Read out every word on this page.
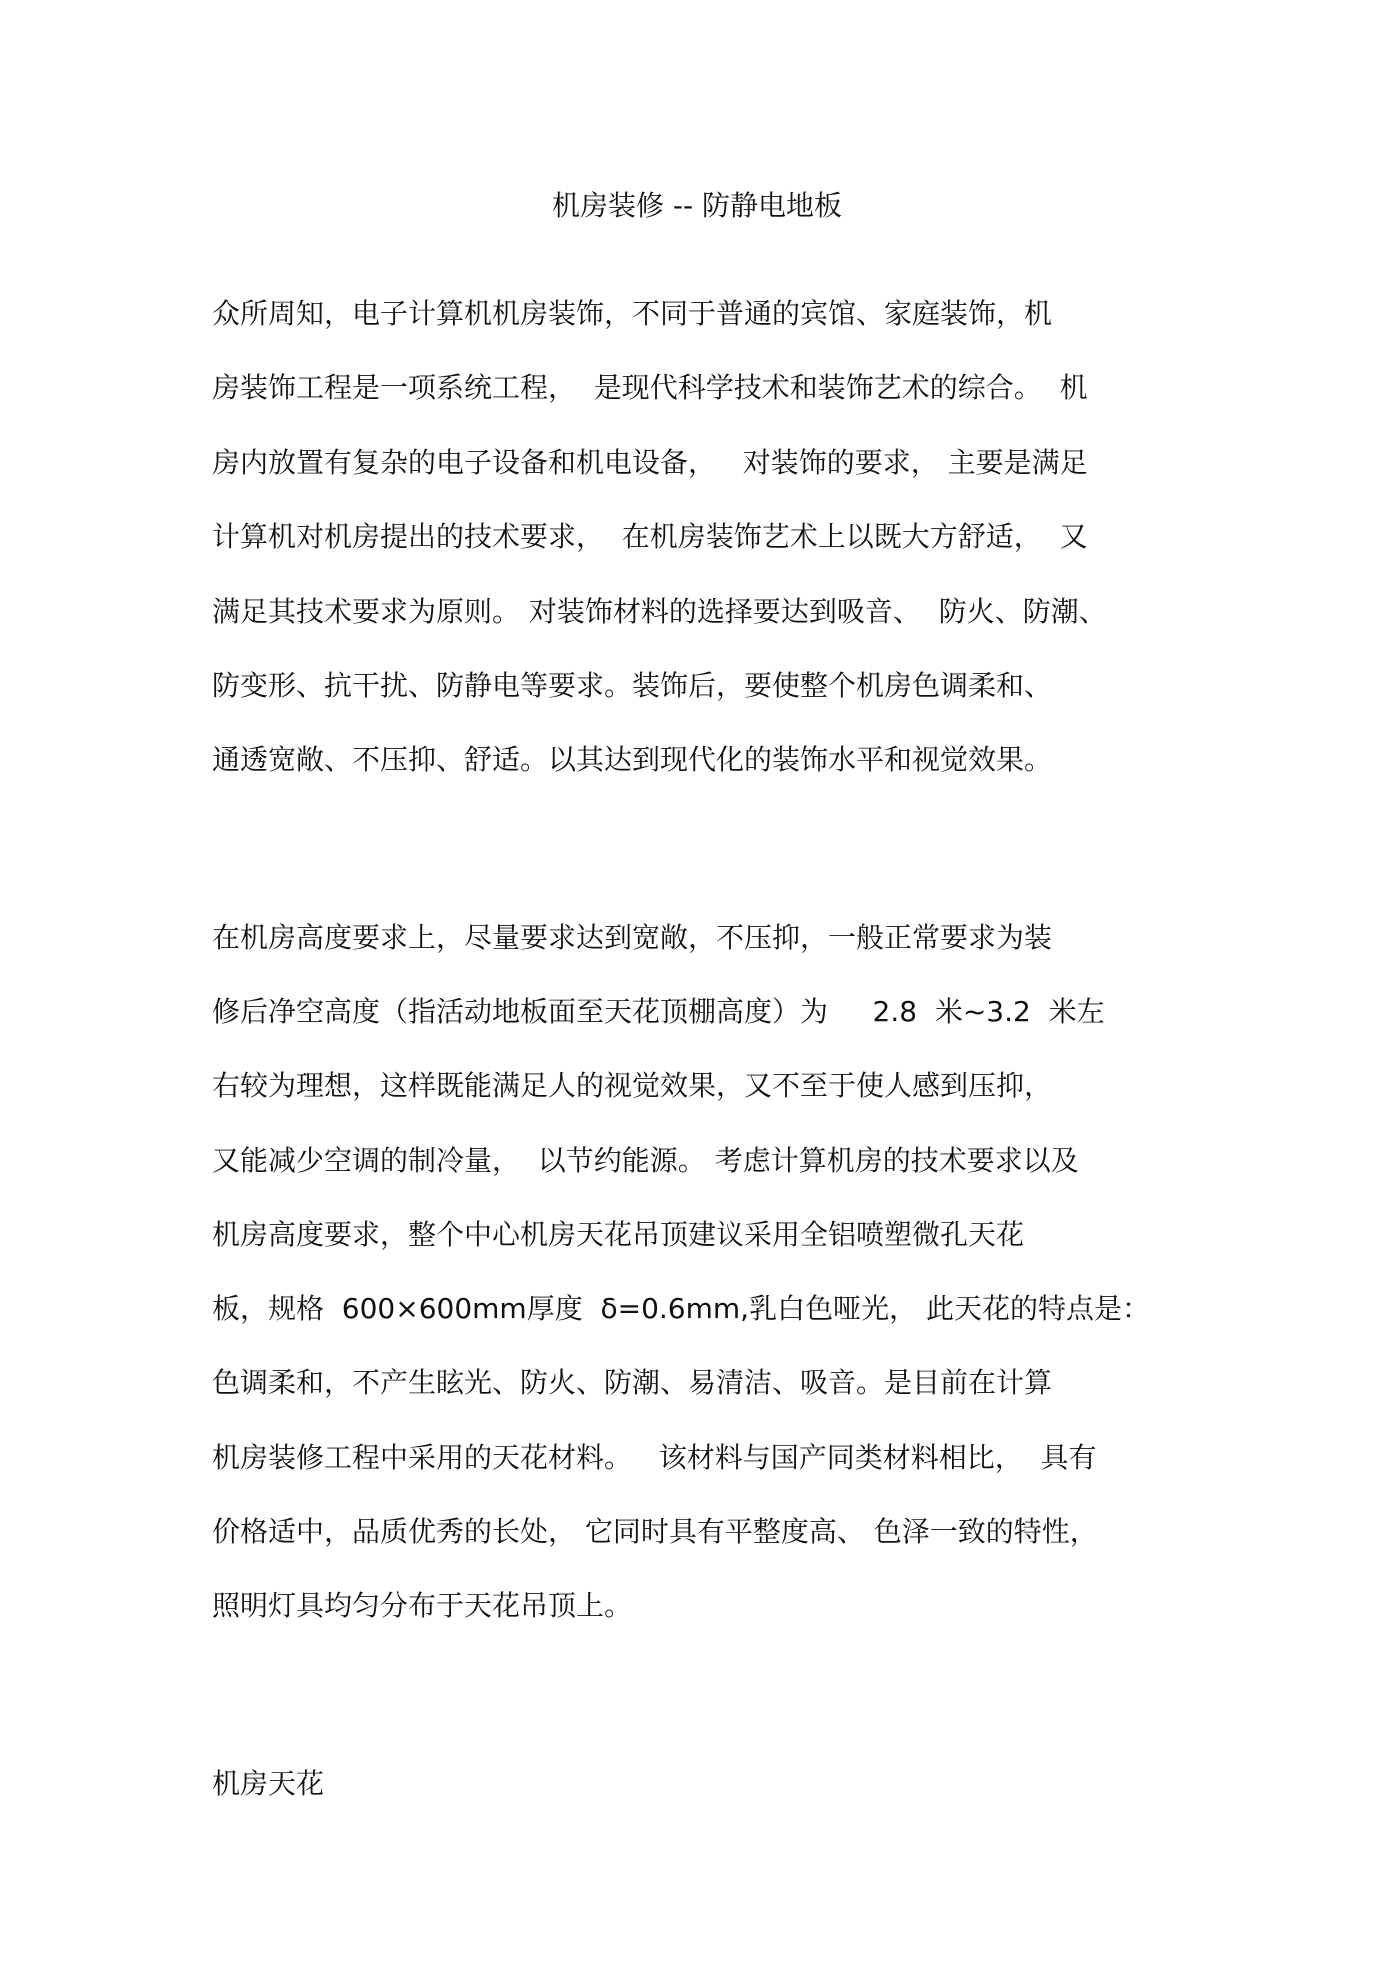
机房装修 -- 防静电地板
众所周知，电子计算机机房装饰，不同于普通的宾馆、家庭装饰，机
房装饰工程是一项系统工程，  是现代科学技术和装饰艺术的综合。  机
房内放置有复杂的电子设备和机电设备，   对装饰的要求， 主要是满足
计算机对机房提出的技术要求，  在机房装饰艺术上以既大方舒适，  又
满足其技术要求为原则。 对装饰材料的选择要达到吸音、  防火、防潮、
防变形、抗干扰、防静电等要求。装饰后，要使整个机房色调柔和、
通透宽敞、不压抑、舒适。以其达到现代化的装饰水平和视觉效果。
在机房高度要求上，尽量要求达到宽敞，不压抑，一般正常要求为装
修后净空高度（指活动地板面至天花顶棚高度）为     2.8  米~3.2  米左
右较为理想，这样既能满足人的视觉效果，又不至于使人感到压抑，
又能减少空调的制冷量，  以节约能源。 考虑计算机房的技术要求以及
机房高度要求，整个中心机房天花吊顶建议采用全铝喷塑微孔天花
板，规格  600×600mm厚度  δ=0.6mm,乳白色哑光， 此天花的特点是：
色调柔和，不产生眩光、防火、防潮、易清洁、吸音。是目前在计算
机房装修工程中采用的天花材料。   该材料与国产同类材料相比，  具有
价格适中，品质优秀的长处， 它同时具有平整度高、 色泽一致的特性，
照明灯具均匀分布于天花吊顶上。
机房天花
